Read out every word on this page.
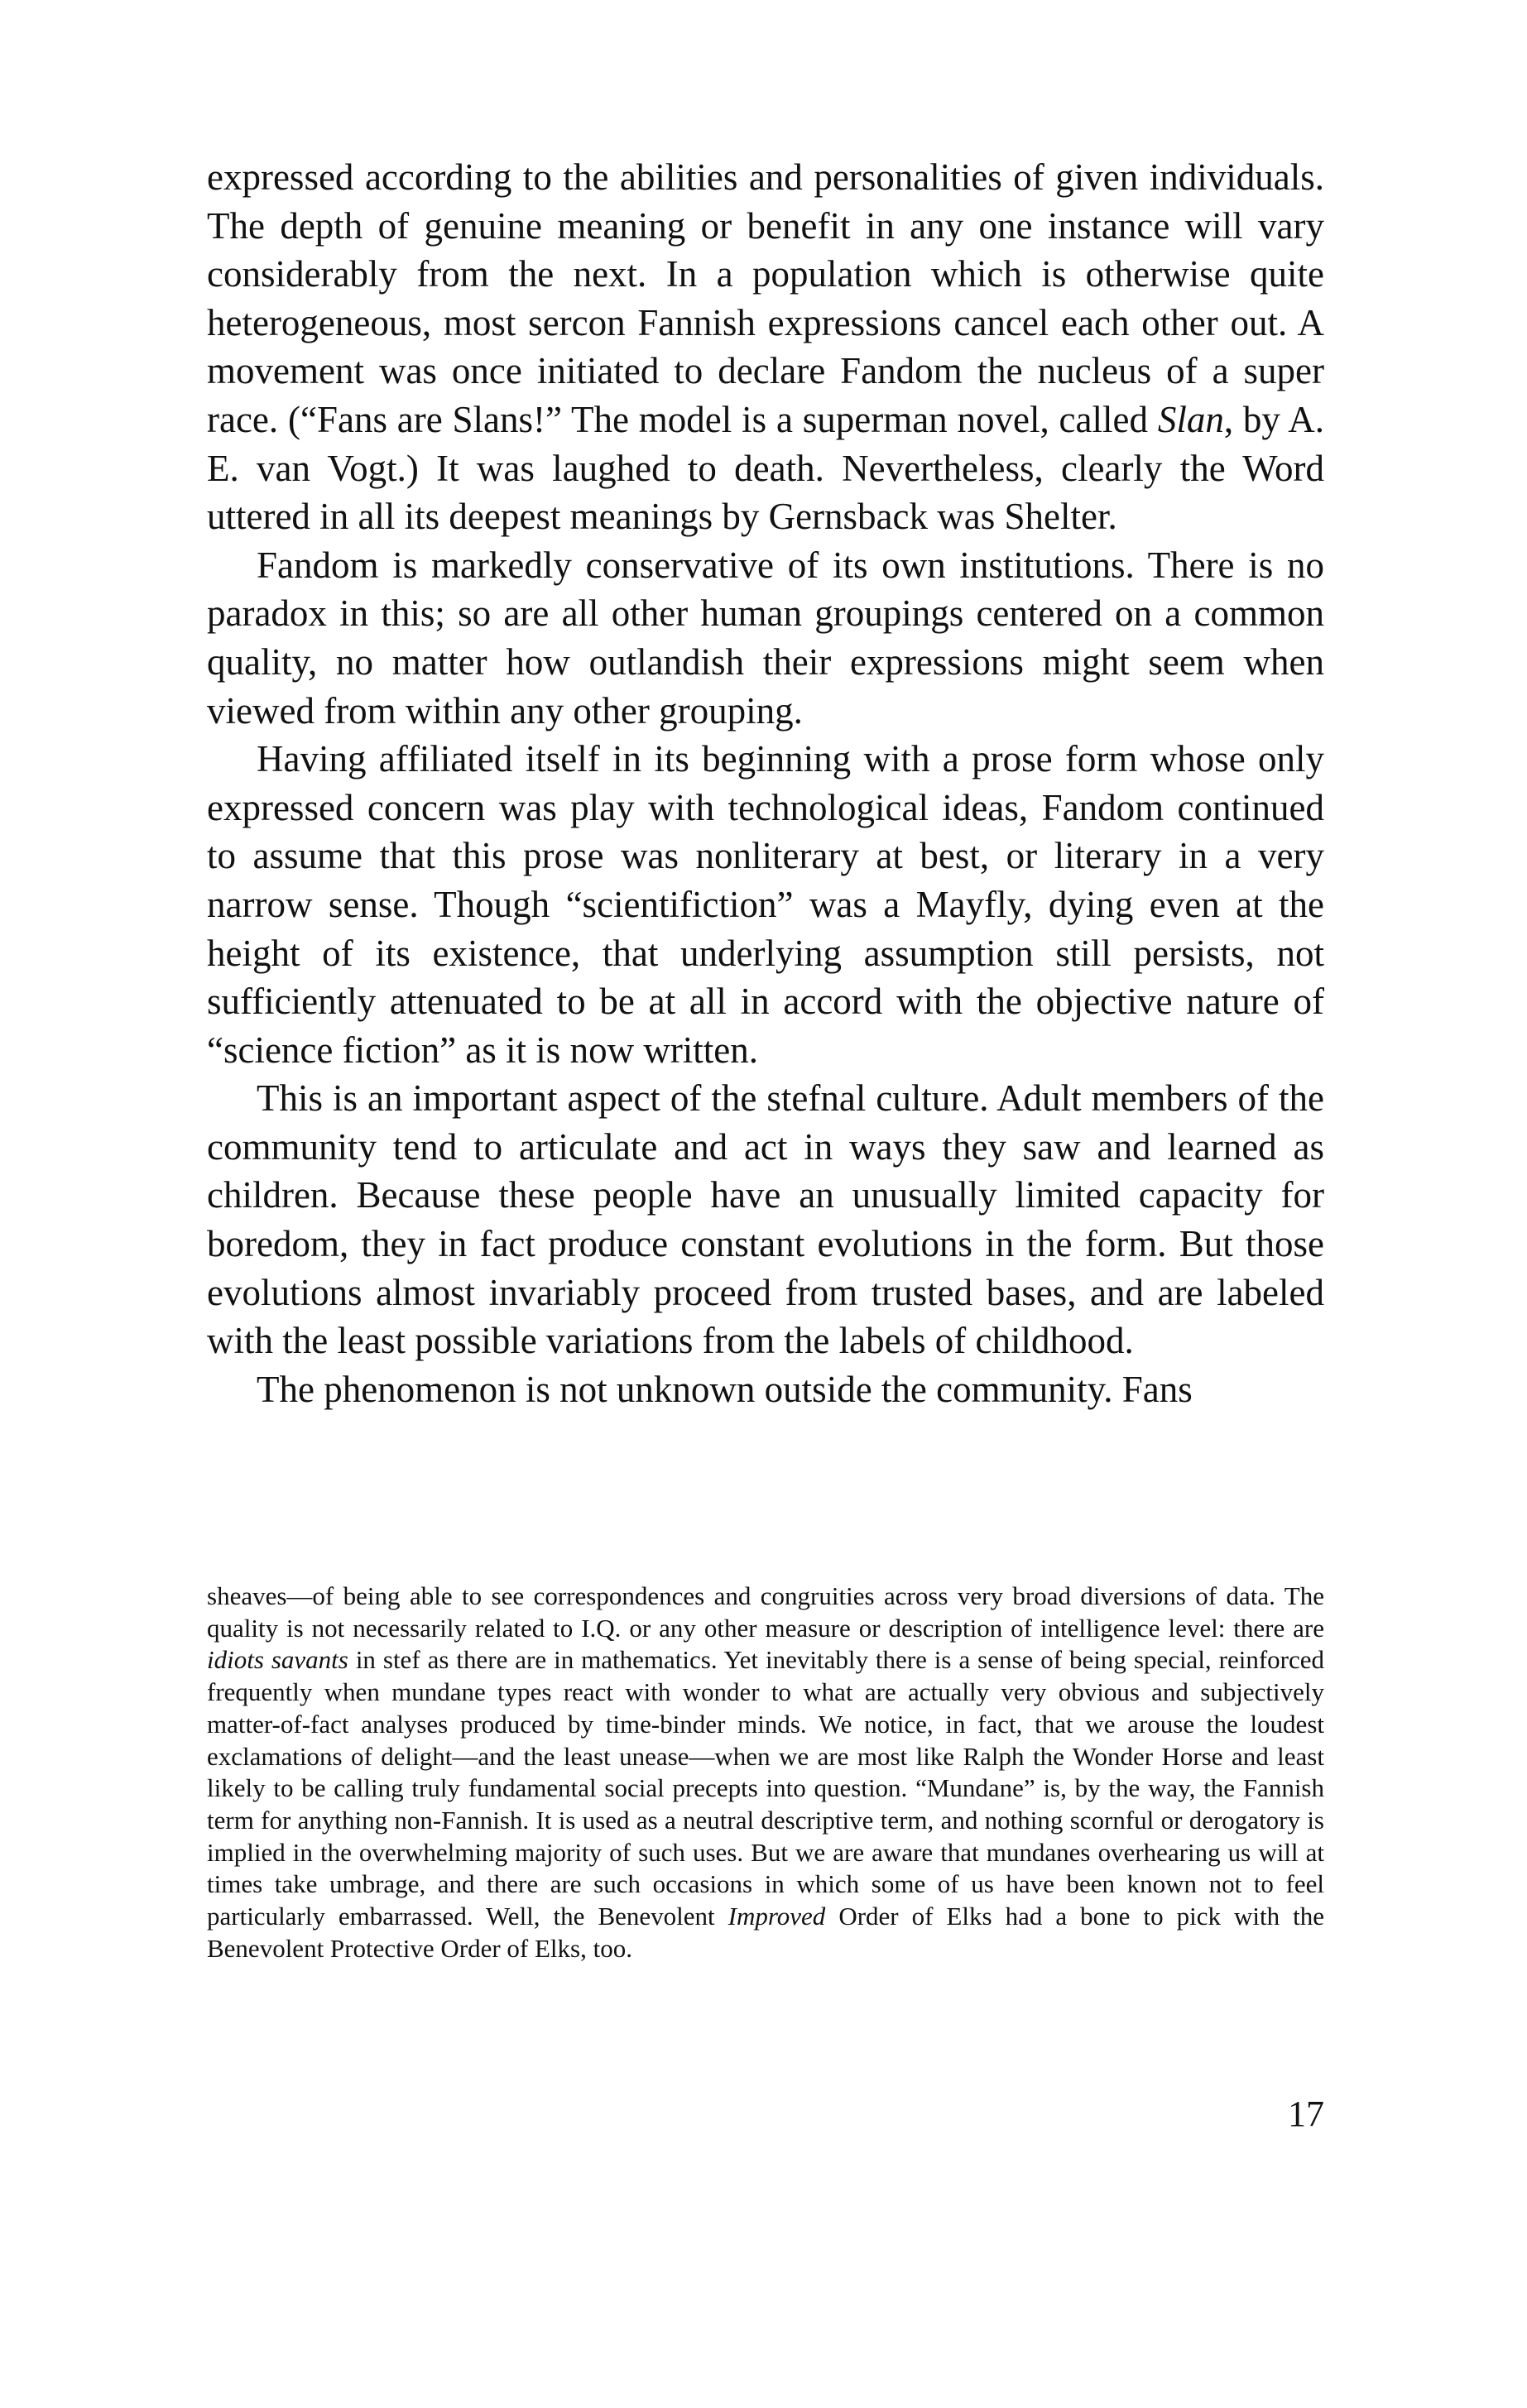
expressed according to the abilities and personalities of given individuals. The depth of genuine meaning or benefit in any one instance will vary considerably from the next. In a population which is otherwise quite heterogeneous, most sercon Fannish expressions cancel each other out. A movement was once initiated to declare Fandom the nucleus of a super race. (“Fans are Slans!” The model is a superman novel, called Slan, by A. E. van Vogt.) It was laughed to death. Nevertheless, clearly the Word uttered in all its deepest meanings by Gernsback was Shelter.

Fandom is markedly conservative of its own institutions. There is no paradox in this; so are all other human groupings centered on a common quality, no matter how outlandish their expressions might seem when viewed from within any other grouping.

Having affiliated itself in its beginning with a prose form whose only expressed concern was play with technological ideas, Fandom continued to assume that this prose was nonliterary at best, or literary in a very narrow sense. Though “scientifiction” was a Mayfly, dying even at the height of its existence, that underlying assumption still persists, not sufficiently attenuated to be at all in accord with the objective nature of “science fiction” as it is now written.

This is an important aspect of the stefnal culture. Adult members of the community tend to articulate and act in ways they saw and learned as children. Because these people have an unusually limited capacity for boredom, they in fact produce constant evolutions in the form. But those evolutions almost invariably proceed from trusted bases, and are labeled with the least possible variations from the labels of childhood.

The phenomenon is not unknown outside the community. Fans

sheaves—of being able to see correspondences and congruities across very broad diversions of data. The quality is not necessarily related to I.Q. or any other measure or description of intelligence level: there are idiots savants in stef as there are in mathematics. Yet inevitably there is a sense of being special, reinforced frequently when mundane types react with wonder to what are actually very obvious and subjectively matter-of-fact analyses produced by time-binder minds. We notice, in fact, that we arouse the loudest exclamations of delight—and the least unease—when we are most like Ralph the Wonder Horse and least likely to be calling truly fundamental social precepts into question. “Mundane” is, by the way, the Fannish term for anything non-Fannish. It is used as a neutral descriptive term, and nothing scornful or derogatory is implied in the overwhelming majority of such uses. But we are aware that mundanes overhearing us will at times take umbrage, and there are such occasions in which some of us have been known not to feel particularly embarrassed. Well, the Benevolent Improved Order of Elks had a bone to pick with the Benevolent Protective Order of Elks, too.

17
